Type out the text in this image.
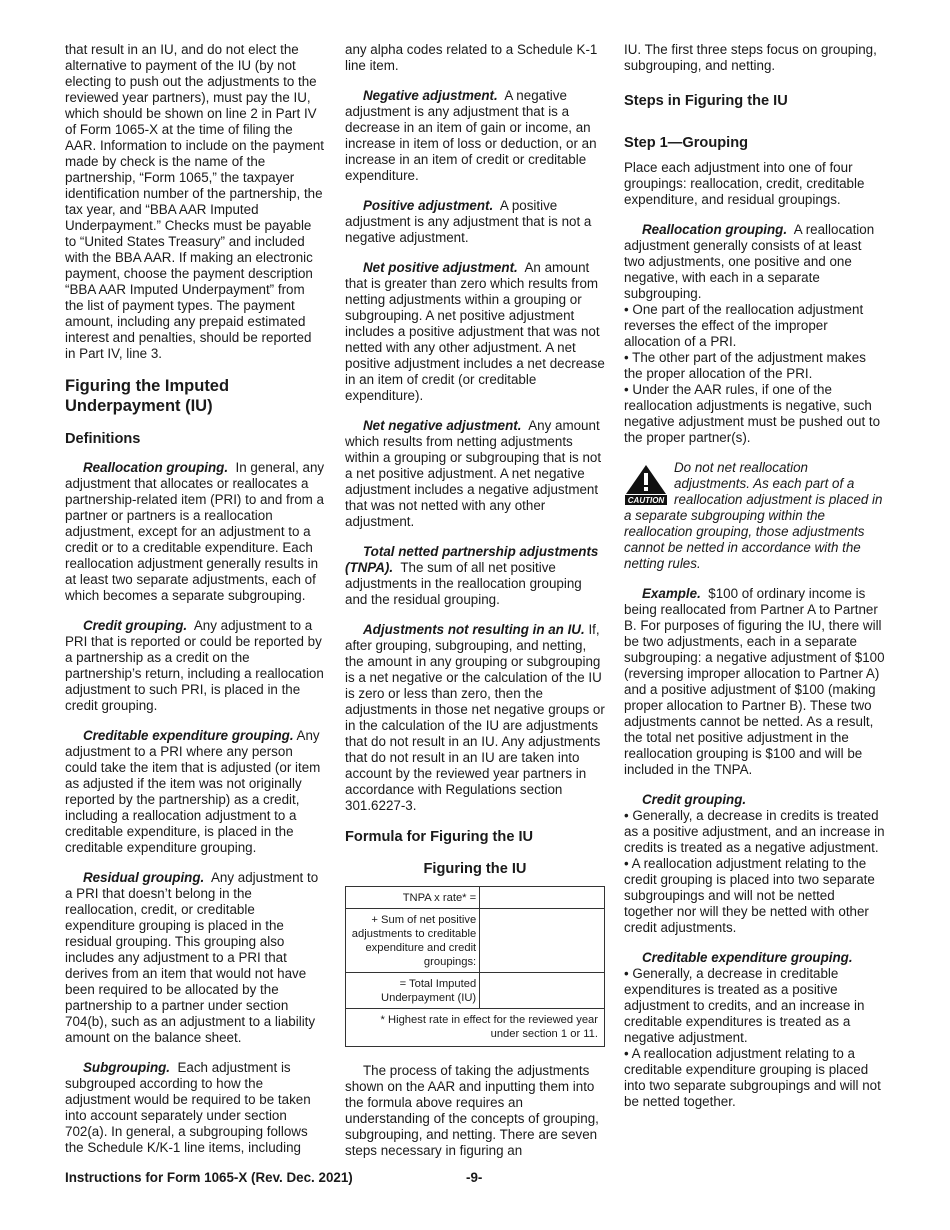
that result in an IU, and do not elect the alternative to payment of the IU (by not electing to push out the adjustments to the reviewed year partners), must pay the IU, which should be shown on line 2 in Part IV of Form 1065-X at the time of filing the AAR. Information to include on the payment made by check is the name of the partnership, “Form 1065,” the taxpayer identification number of the partnership, the tax year, and “BBA AAR Imputed Underpayment.” Checks must be payable to “United States Treasury” and included with the BBA AAR. If making an electronic payment, choose the payment description “BBA AAR Imputed Underpayment” from the list of payment types. The payment amount, including any prepaid estimated interest and penalties, should be reported in Part IV, line 3.

Figuring the Imputed Underpayment (IU)
Definitions

Reallocation grouping. In general, any adjustment that allocates or reallocates a partnership-related item (PRI) to and from a partner or partners is a reallocation adjustment, except for an adjustment to a credit or to a creditable expenditure. Each reallocation adjustment generally results in at least two separate adjustments, each of which becomes a separate subgrouping.

Credit grouping. Any adjustment to a PRI that is reported or could be reported by a partnership as a credit on the partnership’s return, including a reallocation adjustment to such PRI, is placed in the credit grouping.

Creditable expenditure grouping. Any adjustment to a PRI where any person could take the item that is adjusted (or item as adjusted if the item was not originally reported by the partnership) as a credit, including a reallocation adjustment to a creditable expenditure, is placed in the creditable expenditure grouping.

Residual grouping. Any adjustment to a PRI that doesn’t belong in the reallocation, credit, or creditable expenditure grouping is placed in the residual grouping. This grouping also includes any adjustment to a PRI that derives from an item that would not have been required to be allocated by the partnership to a partner under section 704(b), such as an adjustment to a liability amount on the balance sheet.

Subgrouping. Each adjustment is subgrouped according to how the adjustment would be required to be taken into account separately under section 702(a). In general, a subgrouping follows the Schedule K/K-1 line items, including

any alpha codes related to a Schedule K-1 line item.

Negative adjustment. A negative adjustment is any adjustment that is a decrease in an item of gain or income, an increase in item of loss or deduction, or an increase in an item of credit or creditable expenditure.

Positive adjustment. A positive adjustment is any adjustment that is not a negative adjustment.

Net positive adjustment. An amount that is greater than zero which results from netting adjustments within a grouping or subgrouping. A net positive adjustment includes a positive adjustment that was not netted with any other adjustment. A net positive adjustment includes a net decrease in an item of credit (or creditable expenditure).

Net negative adjustment. Any amount which results from netting adjustments within a grouping or subgrouping that is not a net positive adjustment. A net negative adjustment includes a negative adjustment that was not netted with any other adjustment.

Total netted partnership adjustments (TNPA). The sum of all net positive adjustments in the reallocation grouping and the residual grouping.

Adjustments not resulting in an IU. If, after grouping, subgrouping, and netting, the amount in any grouping or subgrouping is a net negative or the calculation of the IU is zero or less than zero, then the adjustments in those net negative groups or in the calculation of the IU are adjustments that do not result in an IU. Any adjustments that do not result in an IU are taken into account by the reviewed year partners in accordance with Regulations section 301.6227-3.

Formula for Figuring the IU
Figuring the IU
TNPA x rate* =	
+ Sum of net positive adjustments to creditable expenditure and credit groupings:	
= Total Imputed Underpayment (IU)	
* Highest rate in effect for the reviewed year under section 1 or 11.	

The process of taking the adjustments shown on the AAR and inputting them into the formula above requires an understanding of the concepts of grouping, subgrouping, and netting. There are seven steps necessary in figuring an

IU. The first three steps focus on grouping, subgrouping, and netting.

Steps in Figuring the IU
Step 1—Grouping

Place each adjustment into one of four groupings: reallocation, credit, creditable expenditure, and residual groupings.

Reallocation grouping. A reallocation adjustment generally consists of at least two adjustments, one positive and one negative, with each in a separate subgrouping.

• One part of the reallocation adjustment reverses the effect of the improper allocation of a PRI.

• The other part of the adjustment makes the proper allocation of the PRI.

• Under the AAR rules, if one of the reallocation adjustments is negative, such negative adjustment must be pushed out to the proper partner(s).

CAUTION
Do not net reallocation adjustments. As each part of a reallocation adjustment is placed in a separate subgrouping within the reallocation grouping, those adjustments cannot be netted in accordance with the netting rules.

Example. $100 of ordinary income is being reallocated from Partner A to Partner B. For purposes of figuring the IU, there will be two adjustments, each in a separate subgrouping: a negative adjustment of $100 (reversing improper allocation to Partner A) and a positive adjustment of $100 (making proper allocation to Partner B). These two adjustments cannot be netted. As a result, the total net positive adjustment in the reallocation grouping is $100 and will be included in the TNPA.

Credit grouping.

• Generally, a decrease in credits is treated as a positive adjustment, and an increase in credits is treated as a negative adjustment.

• A reallocation adjustment relating to the credit grouping is placed into two separate subgroupings and will not be netted together nor will they be netted with other credit adjustments.

Creditable expenditure grouping.

• Generally, a decrease in creditable expenditures is treated as a positive adjustment to credits, and an increase in creditable expenditures is treated as a negative adjustment.

• A reallocation adjustment relating to a creditable expenditure grouping is placed into two separate subgroupings and will not be netted together.

Instructions for Form 1065-X (Rev. Dec. 2021)	-9-
